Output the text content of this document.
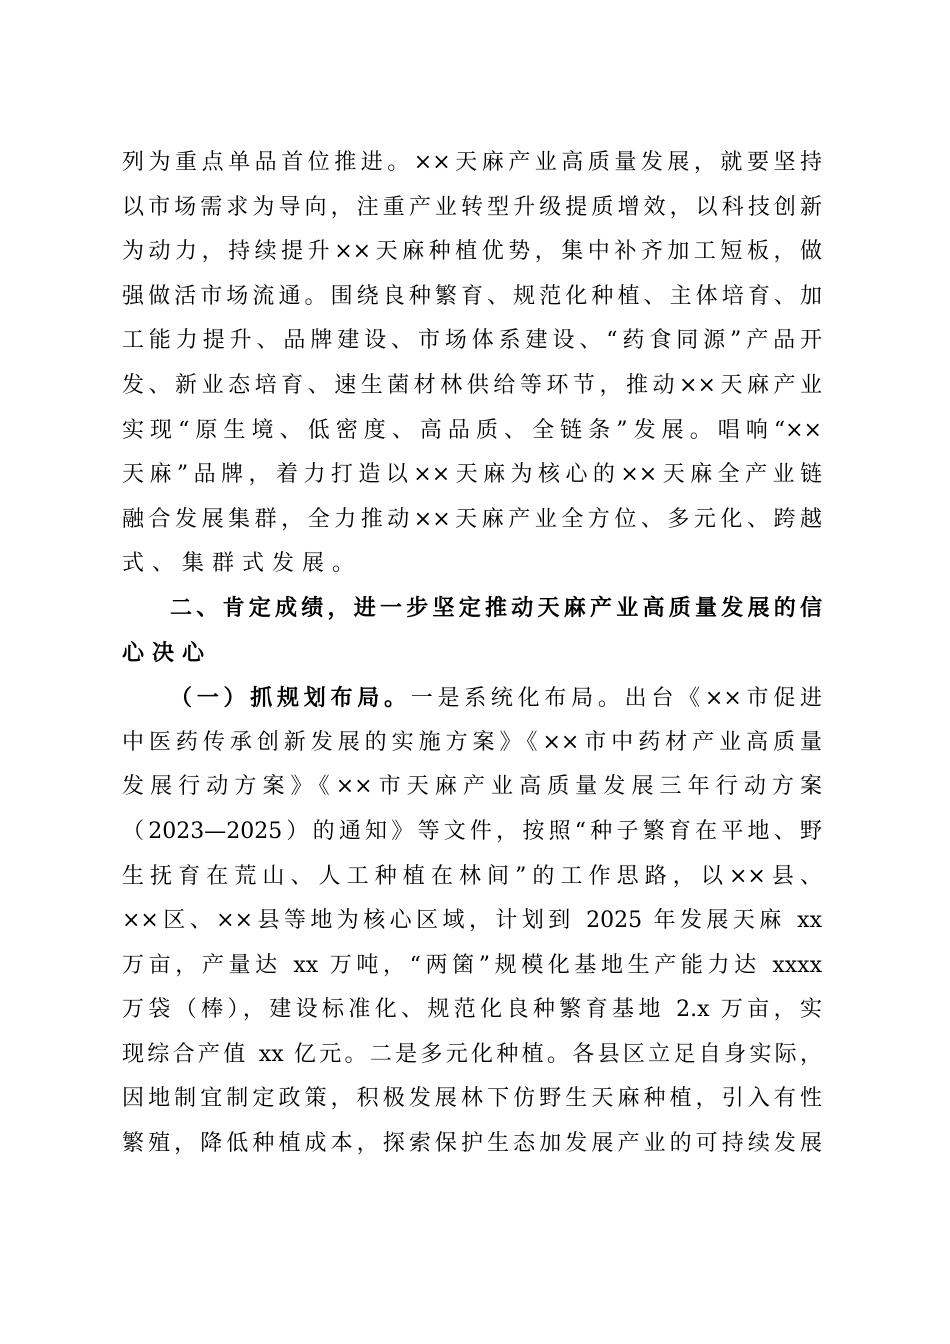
列为重点单品首位推进。××天麻产业高质量发展，就要坚持
以市场需求为导向，注重产业转型升级提质增效，以科技创新
为动力，持续提升××天麻种植优势，集中补齐加工短板，做
强做活市场流通。围绕良种繁育、规范化种植、主体培育、加
工能力提升、品牌建设、市场体系建设、“药食同源”产品开
发、新业态培育、速生菌材林供给等环节，推动××天麻产业
实现“原生境、低密度、高品质、全链条”发展。唱响“××
天麻”品牌，着力打造以××天麻为核心的××天麻全产业链
融合发展集群，全力推动××天麻产业全方位、多元化、跨越
式、集群式发展。
二、肯定成绩，进一步坚定推动天麻产业高质量发展的信
心决心
（一）抓规划布局。一是系统化布局。出台《××市促进
中医药传承创新发展的实施方案》《××市中药材产业高质量
发展行动方案》《××市天麻产业高质量发展三年行动方案
（2023—2025）的通知》等文件，按照“种子繁育在平地、野
生抚育在荒山、人工种植在林间”的工作思路，以××县、
××区、××县等地为核心区域，计划到 2025 年发展天麻 xx
万亩，产量达 xx 万吨，“两箘”规模化基地生产能力达 xxxx
万袋（棒），建设标准化、规范化良种繁育基地 2.x 万亩，实
现综合产值 xx 亿元。二是多元化种植。各县区立足自身实际，
因地制宜制定政策，积极发展林下仿野生天麻种植，引入有性
繁殖，降低种植成本，探索保护生态加发展产业的可持续发展
